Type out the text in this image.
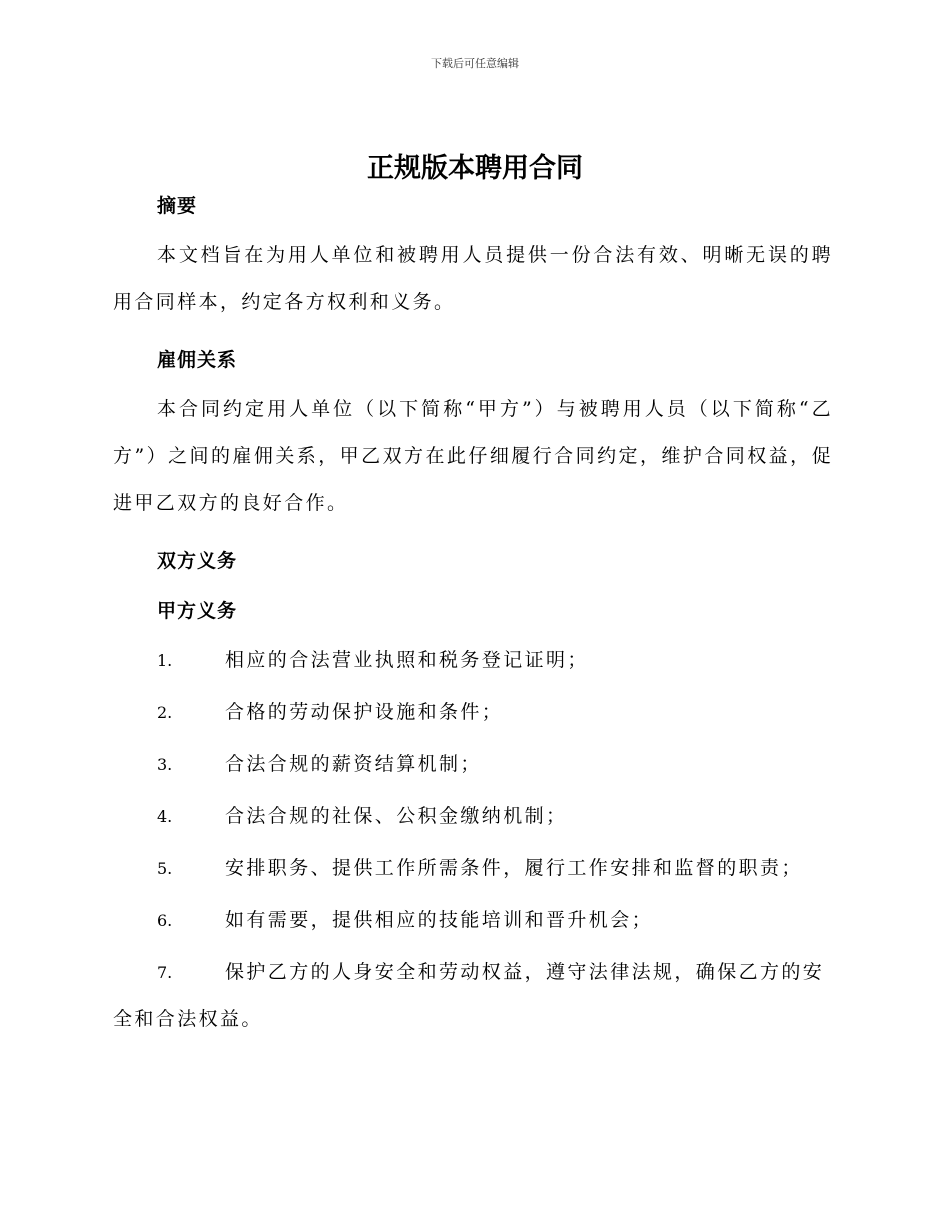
下载后可任意编辑
正规版本聘用合同
摘要

本文档旨在为用人单位和被聘用人员提供一份合法有效、明晰无误的聘用合同样本，约定各方权利和义务。

雇佣关系

本合同约定用人单位（以下简称“甲方”）与被聘用人员（以下简称“乙方”）之间的雇佣关系，甲乙双方在此仔细履行合同约定，维护合同权益，促进甲乙双方的良好合作。

双方义务
甲方义务
1.	相应的合法营业执照和税务登记证明；
2.	合格的劳动保护设施和条件；
3.	合法合规的薪资结算机制；
4.	合法合规的社保、公积金缴纳机制；
5.	安排职务、提供工作所需条件，履行工作安排和监督的职责；
6.	如有需要，提供相应的技能培训和晋升机会；
7.	保护乙方的人身安全和劳动权益，遵守法律法规，确保乙方的安全和合法权益。
